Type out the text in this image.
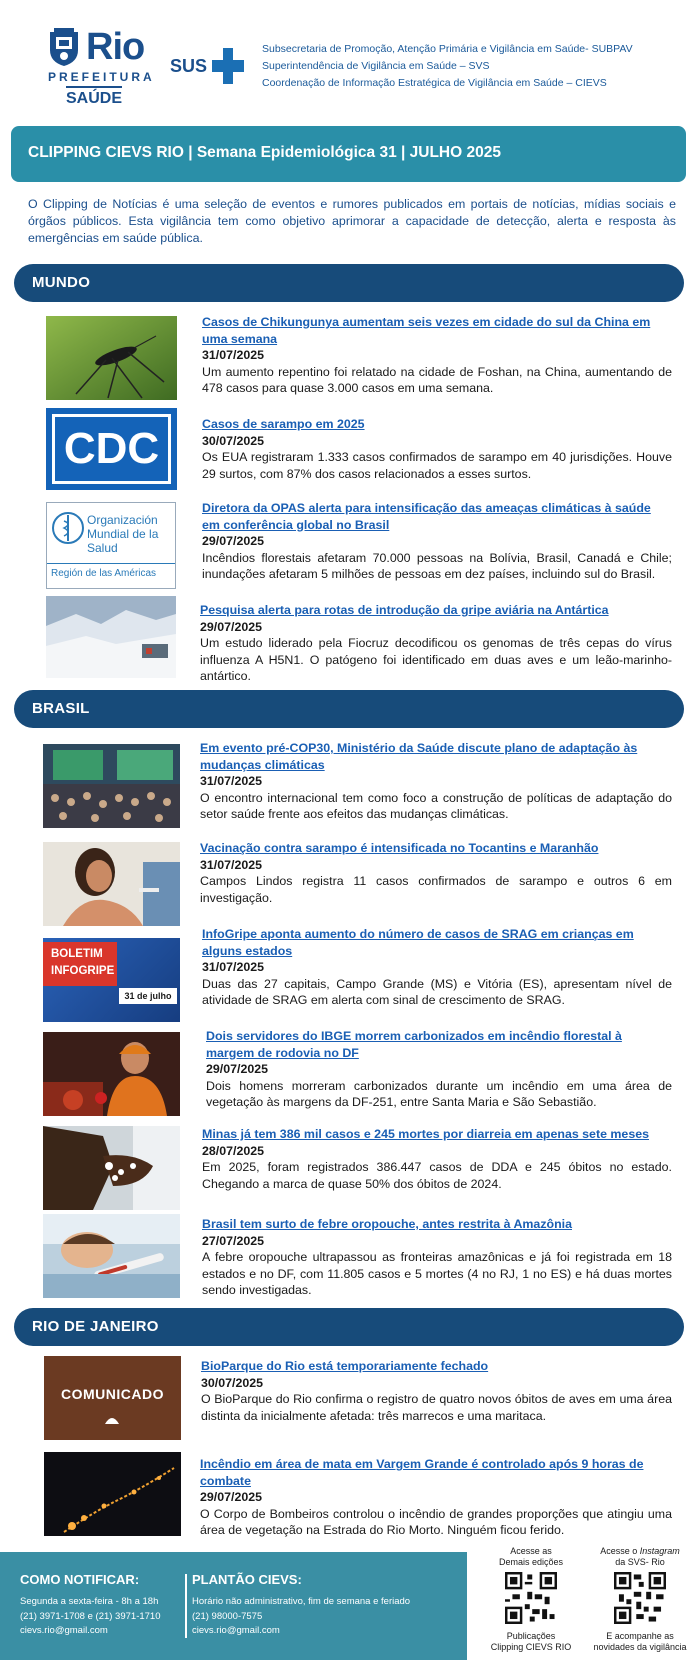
Rio
PREFEITURA
SAÚDE
SUS
Subsecretaria de Promoção, Atenção Primária e Vigilância em Saúde- SUBPAV
Superintendência de Vigilância em Saúde – SVS
Coordenação de Informação Estratégica de Vigilância em Saúde – CIEVS
CLIPPING CIEVS RIO | Semana Epidemiológica 31 | JULHO 2025

O Clipping de Notícias é uma seleção de eventos e rumores publicados em portais de notícias, mídias sociais e órgãos públicos. Esta vigilância tem como objetivo aprimorar a capacidade de detecção, alerta e resposta às emergências em saúde pública.

MUNDO
Casos de Chikungunya aumentam seis vezes em cidade do sul da China em uma semana
31/07/2025
Um aumento repentino foi relatado na cidade de Foshan, na China, aumentando de 478 casos para quase 3.000 casos em uma semana.
CDC	Casos de sarampo em 2025
30/07/2025
Os EUA registraram 1.333 casos confirmados de sarampo em 40 jurisdições. Houve 29 surtos, com 87% dos casos relacionados a esses surtos.
Organización
Mundial de la Salud
Región de las Américas
Diretora da OPAS alerta para intensificação das ameaças climáticas à saúde em conferência global no Brasil
29/07/2025
Incêndios florestais afetaram 70.000 pessoas na Bolívia, Brasil, Canadá e Chile; inundações afetaram 5 milhões de pessoas em dez países, incluindo sul do Brasil.
Pesquisa alerta para rotas de introdução da gripe aviária na Antártica
29/07/2025
Um estudo liderado pela Fiocruz decodificou os genomas de três cepas do vírus influenza A H5N1. O patógeno foi identificado em duas aves e um leão-marinho-antártico.
BRASIL
Em evento pré-COP30, Ministério da Saúde discute plano de adaptação às mudanças climáticas
31/07/2025
O encontro internacional tem como foco a construção de políticas de adaptação do setor saúde frente aos efeitos das mudanças climáticas.
Vacinação contra sarampo é intensificada no Tocantins e Maranhão
31/07/2025
Campos Lindos registra 11 casos confirmados de sarampo e outros 6 em investigação.
BOLETIM
INFOGRIPE
31 de julho
InfoGripe aponta aumento do número de casos de SRAG em crianças em alguns estados
31/07/2025
Duas das 27 capitais, Campo Grande (MS) e Vitória (ES), apresentam nível de atividade de SRAG em alerta com sinal de crescimento de SRAG.
Dois servidores do IBGE morrem carbonizados em incêndio florestal à margem de rodovia no DF
29/07/2025
Dois homens morreram carbonizados durante um incêndio em uma área de vegetação às margens da DF-251, entre Santa Maria e São Sebastião.
Minas já tem 386 mil casos e 245 mortes por diarreia em apenas sete meses
28/07/2025
Em 2025, foram registrados 386.447 casos de DDA e 245 óbitos no estado. Chegando a marca de quase 50% dos óbitos de 2024.
Brasil tem surto de febre oropouche, antes restrita à Amazônia
27/07/2025
A febre oropouche ultrapassou as fronteiras amazônicas e já foi registrada em 18 estados e no DF, com 11.805 casos e 5 mortes (4 no RJ, 1 no ES) e há duas mortes sendo investigadas.
RIO DE JANEIRO
COMUNICADO
BioParque do Rio está temporariamente fechado
30/07/2025
O BioParque do Rio confirma o registro de quatro novos óbitos de aves em uma área distinta da inicialmente afetada: três marrecos e uma maritaca.
Incêndio em área de mata em Vargem Grande é controlado após 9 horas de combate
29/07/2025
O Corpo de Bombeiros controlou o incêndio de grandes proporções que atingiu uma área de vegetação na Estrada do Rio Morto. Ninguém ficou ferido.
COMO NOTIFICAR:

Segunda a sexta-feira - 8h a 18h

(21) 3971-1708 e (21) 3971-1710

cievs.rio@gmail.com

PLANTÃO CIEVS:

Horário não administrativo, fim de semana e feriado

(21) 98000-7575

cievs.rio@gmail.com

Acesse as
Demais edições
Publicações
Clipping CIEVS RIO
Acesse o Instagram
da SVS- Rio
E acompanhe as
novidades da vigilância
